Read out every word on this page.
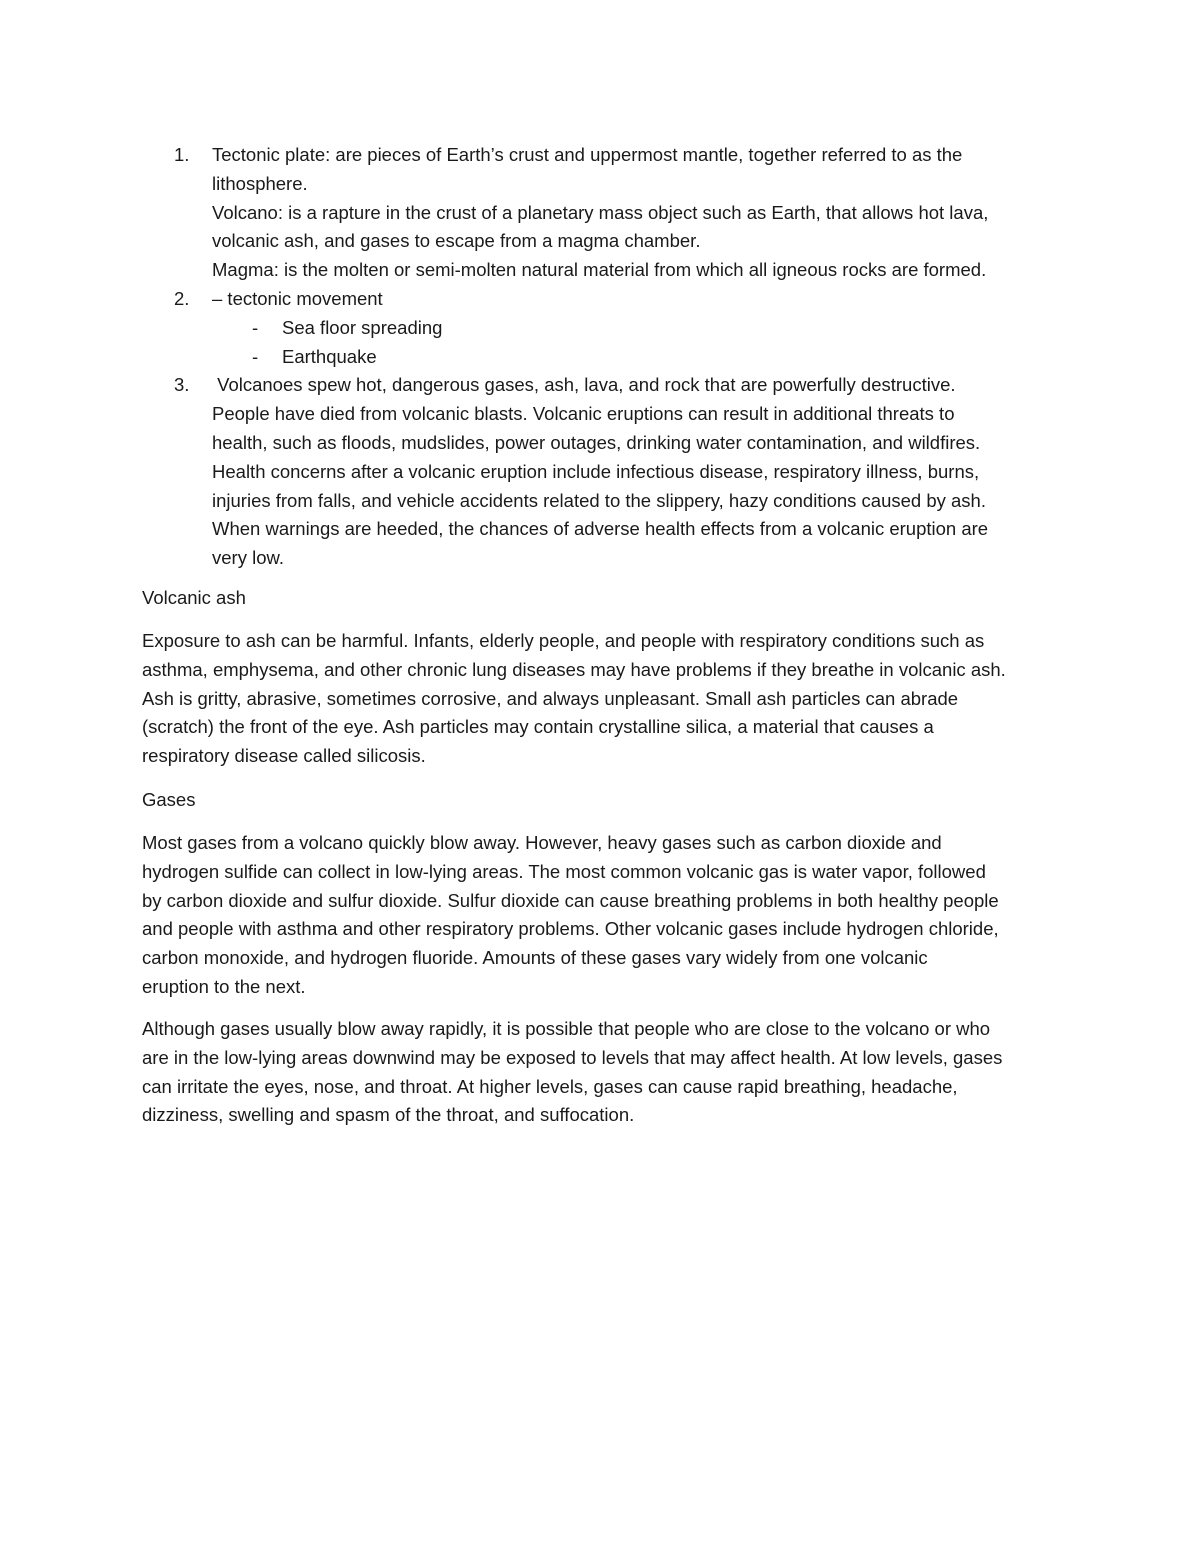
1. Tectonic plate: are pieces of Earth’s crust and uppermost mantle, together referred to as the
lithosphere.
Volcano: is a rapture in the crust of a planetary mass object such as Earth, that allows hot lava,
volcanic ash, and gases to escape from a magma chamber.
Magma: is the molten or semi-molten natural material from which all igneous rocks are formed.
2. – tectonic movement
- Sea floor spreading
- Earthquake
3. Volcanoes spew hot, dangerous gases, ash, lava, and rock that are powerfully destructive.
People have died from volcanic blasts. Volcanic eruptions can result in additional threats to
health, such as floods, mudslides, power outages, drinking water contamination, and wildfires.
Health concerns after a volcanic eruption include infectious disease, respiratory illness, burns,
injuries from falls, and vehicle accidents related to the slippery, hazy conditions caused by ash.
When warnings are heeded, the chances of adverse health effects from a volcanic eruption are
very low.
Volcanic ash
Exposure to ash can be harmful. Infants, elderly people, and people with respiratory conditions such as
asthma, emphysema, and other chronic lung diseases may have problems if they breathe in volcanic ash.
Ash is gritty, abrasive, sometimes corrosive, and always unpleasant. Small ash particles can abrade
(scratch) the front of the eye. Ash particles may contain crystalline silica, a material that causes a
respiratory disease called silicosis.
Gases
Most gases from a volcano quickly blow away. However, heavy gases such as carbon dioxide and
hydrogen sulfide can collect in low-lying areas. The most common volcanic gas is water vapor, followed
by carbon dioxide and sulfur dioxide. Sulfur dioxide can cause breathing problems in both healthy people
and people with asthma and other respiratory problems. Other volcanic gases include hydrogen chloride,
carbon monoxide, and hydrogen fluoride. Amounts of these gases vary widely from one volcanic
eruption to the next.
Although gases usually blow away rapidly, it is possible that people who are close to the volcano or who
are in the low-lying areas downwind may be exposed to levels that may affect health. At low levels, gases
can irritate the eyes, nose, and throat. At higher levels, gases can cause rapid breathing, headache,
dizziness, swelling and spasm of the throat, and suffocation.
